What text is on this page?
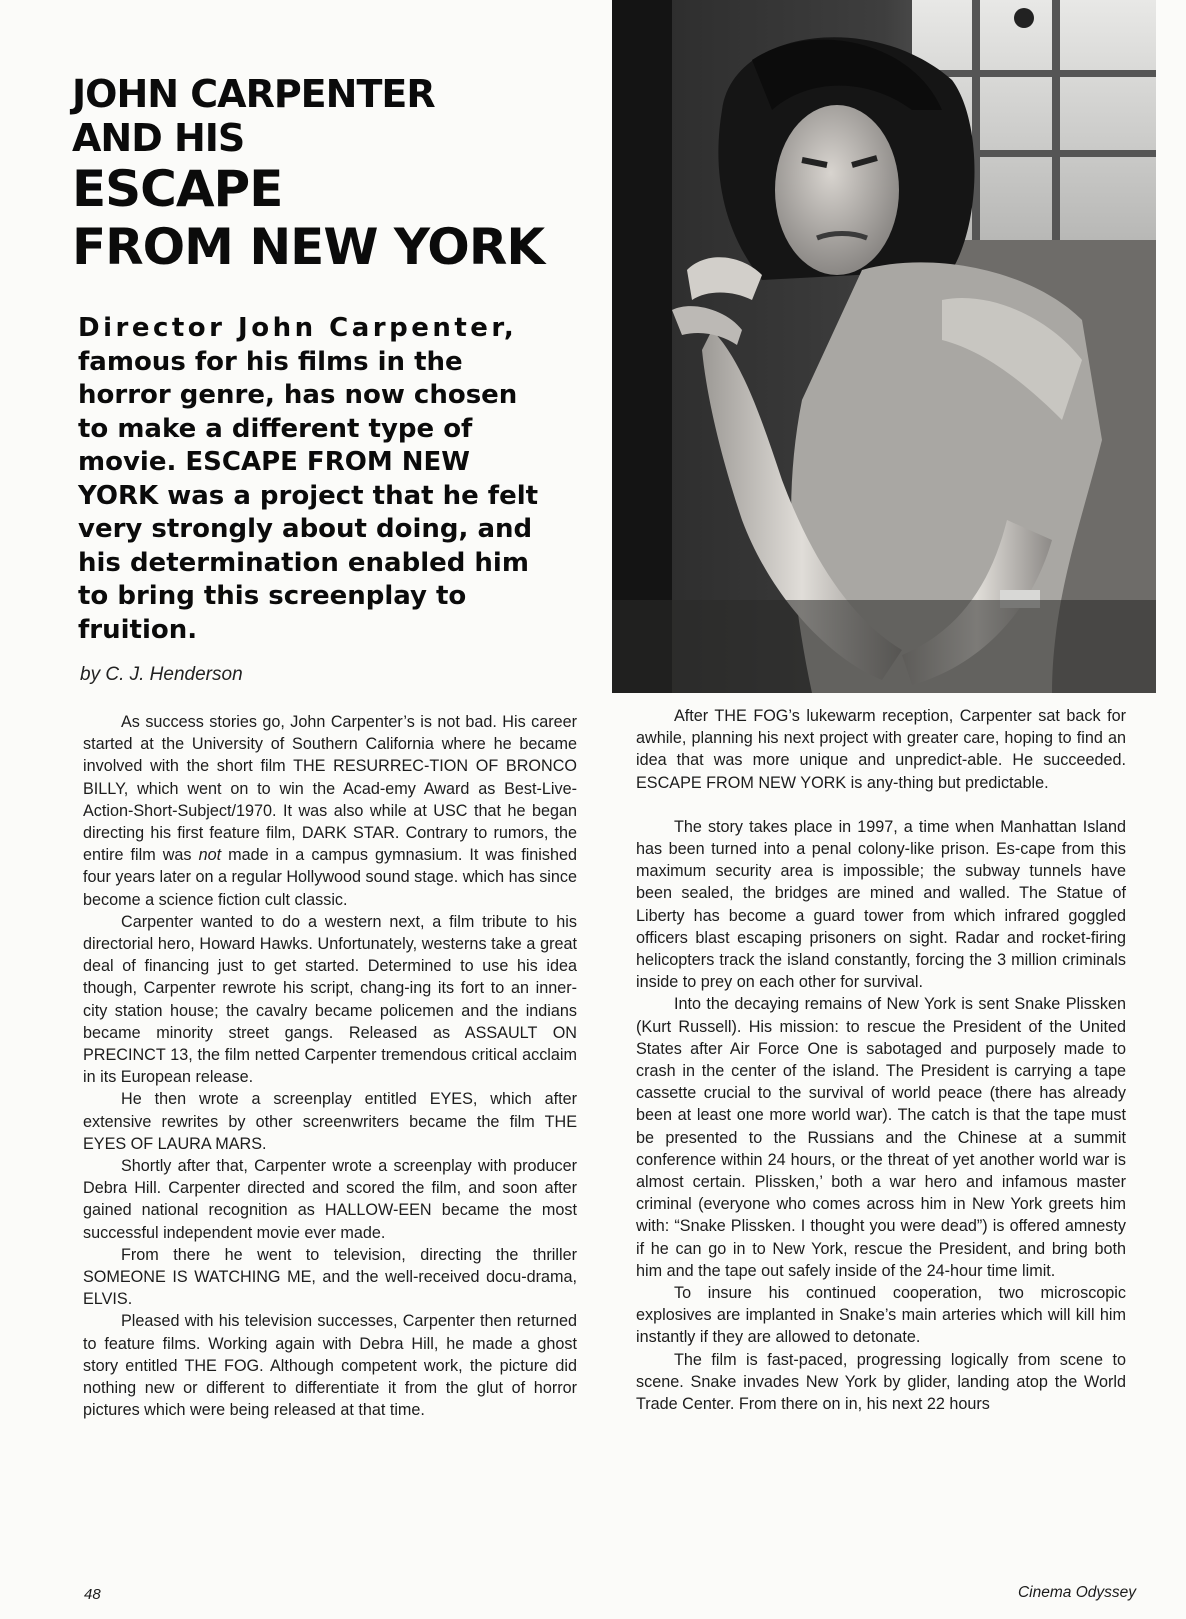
JOHN CARPENTER
AND HIS
ESCAPE
FROM NEW YORK
Director John Carpenter,
famous for his films in the
horror genre, has now chosen
to make a different type of
movie. ESCAPE FROM NEW
YORK was a project that he felt
very strongly about doing, and
his determination enabled him
to bring this screenplay to
fruition.
by C. J. Henderson

As success stories go, John Carpenter’s is not bad. His career started at the University of Southern California where he became involved with the short film THE RESURREC-TION OF BRONCO BILLY, which went on to win the Acad-emy Award as Best-Live-Action-Short-Subject/1970. It was also while at USC that he began directing his first feature film, DARK STAR. Contrary to rumors, the entire film was not made in a campus gymnasium. It was finished four years later on a regular Hollywood sound stage. which has since become a science fiction cult classic.

Carpenter wanted to do a western next, a film tribute to his directorial hero, Howard Hawks. Unfortunately, westerns take a great deal of financing just to get started. Determined to use his idea though, Carpenter rewrote his script, chang-ing its fort to an inner-city station house; the cavalry became policemen and the indians became minority street gangs. Released as ASSAULT ON PRECINCT 13, the film netted Carpenter tremendous critical acclaim in its European release.

He then wrote a screenplay entitled EYES, which after extensive rewrites by other screenwriters became the film THE EYES OF LAURA MARS.

Shortly after that, Carpenter wrote a screenplay with producer Debra Hill. Carpenter directed and scored the film, and soon after gained national recognition as HALLOW-EEN became the most successful independent movie ever made.

From there he went to television, directing the thriller SOMEONE IS WATCHING ME, and the well-received docu-drama, ELVIS.

Pleased with his television successes, Carpenter then returned to feature films. Working again with Debra Hill, he made a ghost story entitled THE FOG. Although competent work, the picture did nothing new or different to differentiate it from the glut of horror pictures which were being released at that time.

After THE FOG’s lukewarm reception, Carpenter sat back for awhile, planning his next project with greater care, hoping to find an idea that was more unique and unpredict-able. He succeeded. ESCAPE FROM NEW YORK is any-thing but predictable.

The story takes place in 1997, a time when Manhattan Island has been turned into a penal colony-like prison. Es-cape from this maximum security area is impossible; the subway tunnels have been sealed, the bridges are mined and walled. The Statue of Liberty has become a guard tower from which infrared goggled officers blast escaping prisoners on sight. Radar and rocket-firing helicopters track the island constantly, forcing the 3 million criminals inside to prey on each other for survival.

Into the decaying remains of New York is sent Snake Plissken (Kurt Russell). His mission: to rescue the President of the United States after Air Force One is sabotaged and purposely made to crash in the center of the island. The President is carrying a tape cassette crucial to the survival of world peace (there has already been at least one more world war). The catch is that the tape must be presented to the Russians and the Chinese at a summit conference within 24 hours, or the threat of yet another world war is almost certain. Plissken,’ both a war hero and infamous master criminal (everyone who comes across him in New York greets him with: “Snake Plissken. I thought you were dead”) is offered amnesty if he can go in to New York, rescue the President, and bring both him and the tape out safely inside of the 24-hour time limit.

To insure his continued cooperation, two microscopic explosives are implanted in Snake’s main arteries which will kill him instantly if they are allowed to detonate.

The film is fast-paced, progressing logically from scene to scene. Snake invades New York by glider, landing atop the World Trade Center. From there on in, his next 22 hours

48	Cinema Odyssey
